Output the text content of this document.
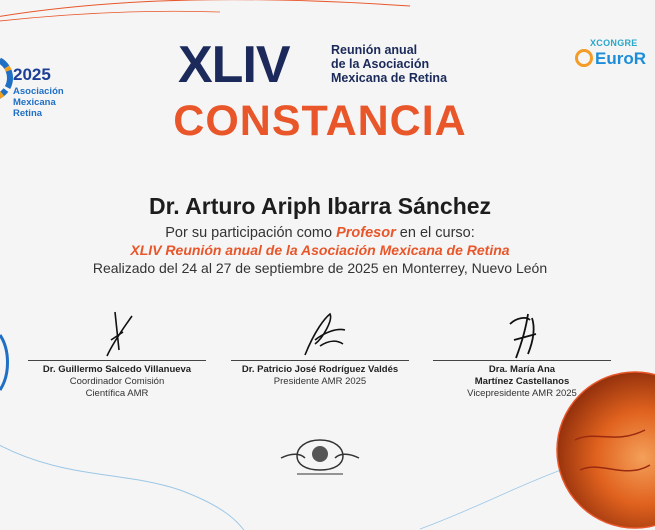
2025
Asociación
Mexicana
Retina
XCONGRE
EuroR
XLIV	Reunión anual
de la Asociación
Mexicana de Retina
CONSTANCIA
Dr. Arturo Ariph Ibarra Sánchez
Por su participación como Profesor en el curso:
XLIV Reunión anual de la Asociación Mexicana de Retina
Realizado del 24 al 27 de septiembre de 2025 en Monterrey, Nuevo León
Dr. Guillermo Salcedo Villanueva
Coordinador Comisión
Científica AMR
Dr. Patricio José Rodríguez Valdés
Presidente AMR 2025
Dra. María Ana
Martínez Castellanos
Vicepresidente AMR 2025
